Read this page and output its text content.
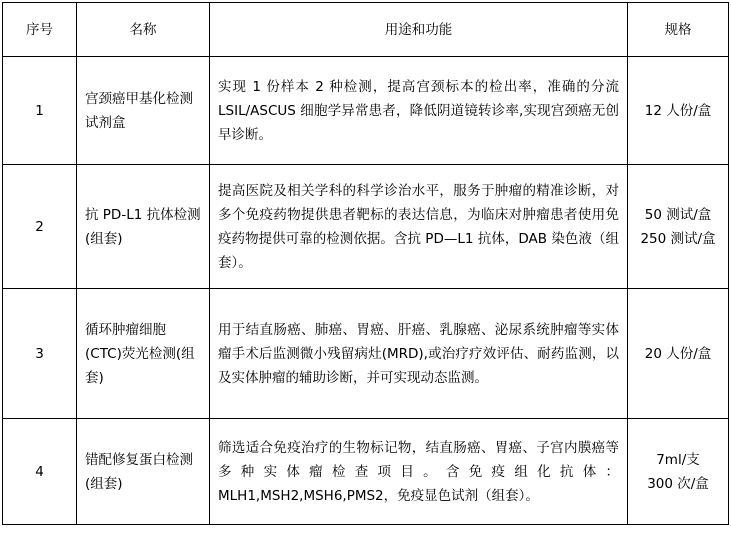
序号	名称	用途和功能	规格
1	宫颈癌甲基化检测试剂盒	实现 1 份样本 2 种检测，提高宫颈标本的检出率，准确的分流 LSIL/ASCUS 细胞学异常患者，降低阴道镜转诊率,实现宫颈癌无创早诊断。	12 人份/盒

2	抗 PD-L1 抗体检测(组套)	提高医院及相关学科的科学诊治水平，服务于肿瘤的精准诊断，对多个免疫药物提供患者靶标的表达信息，为临床对肿瘤患者使用免疫药物提供可靠的检测依据。含抗 PD—L1 抗体，DAB 染色液（组套）。	50 测试/盒
250 测试/盒

3	循环肿瘤细胞(CTC)荧光检测(组套)	用于结直肠癌、肺癌、胃癌、肝癌、乳腺癌、泌尿系统肿瘤等实体瘤手术后监测微小残留病灶(MRD),或治疗疗效评估、耐药监测，以及实体肿瘤的辅助诊断，并可实现动态监测。	20 人份/盒

4	错配修复蛋白检测(组套)	筛选适合免疫治疗的生物标记物，结直肠癌、胃癌、子宫内膜癌等多种实体瘤检查项目。含免疫组化抗体：MLH1,MSH2,MSH6,PMS2，免疫显色试剂（组套）。	7ml/支
300 次/盒
